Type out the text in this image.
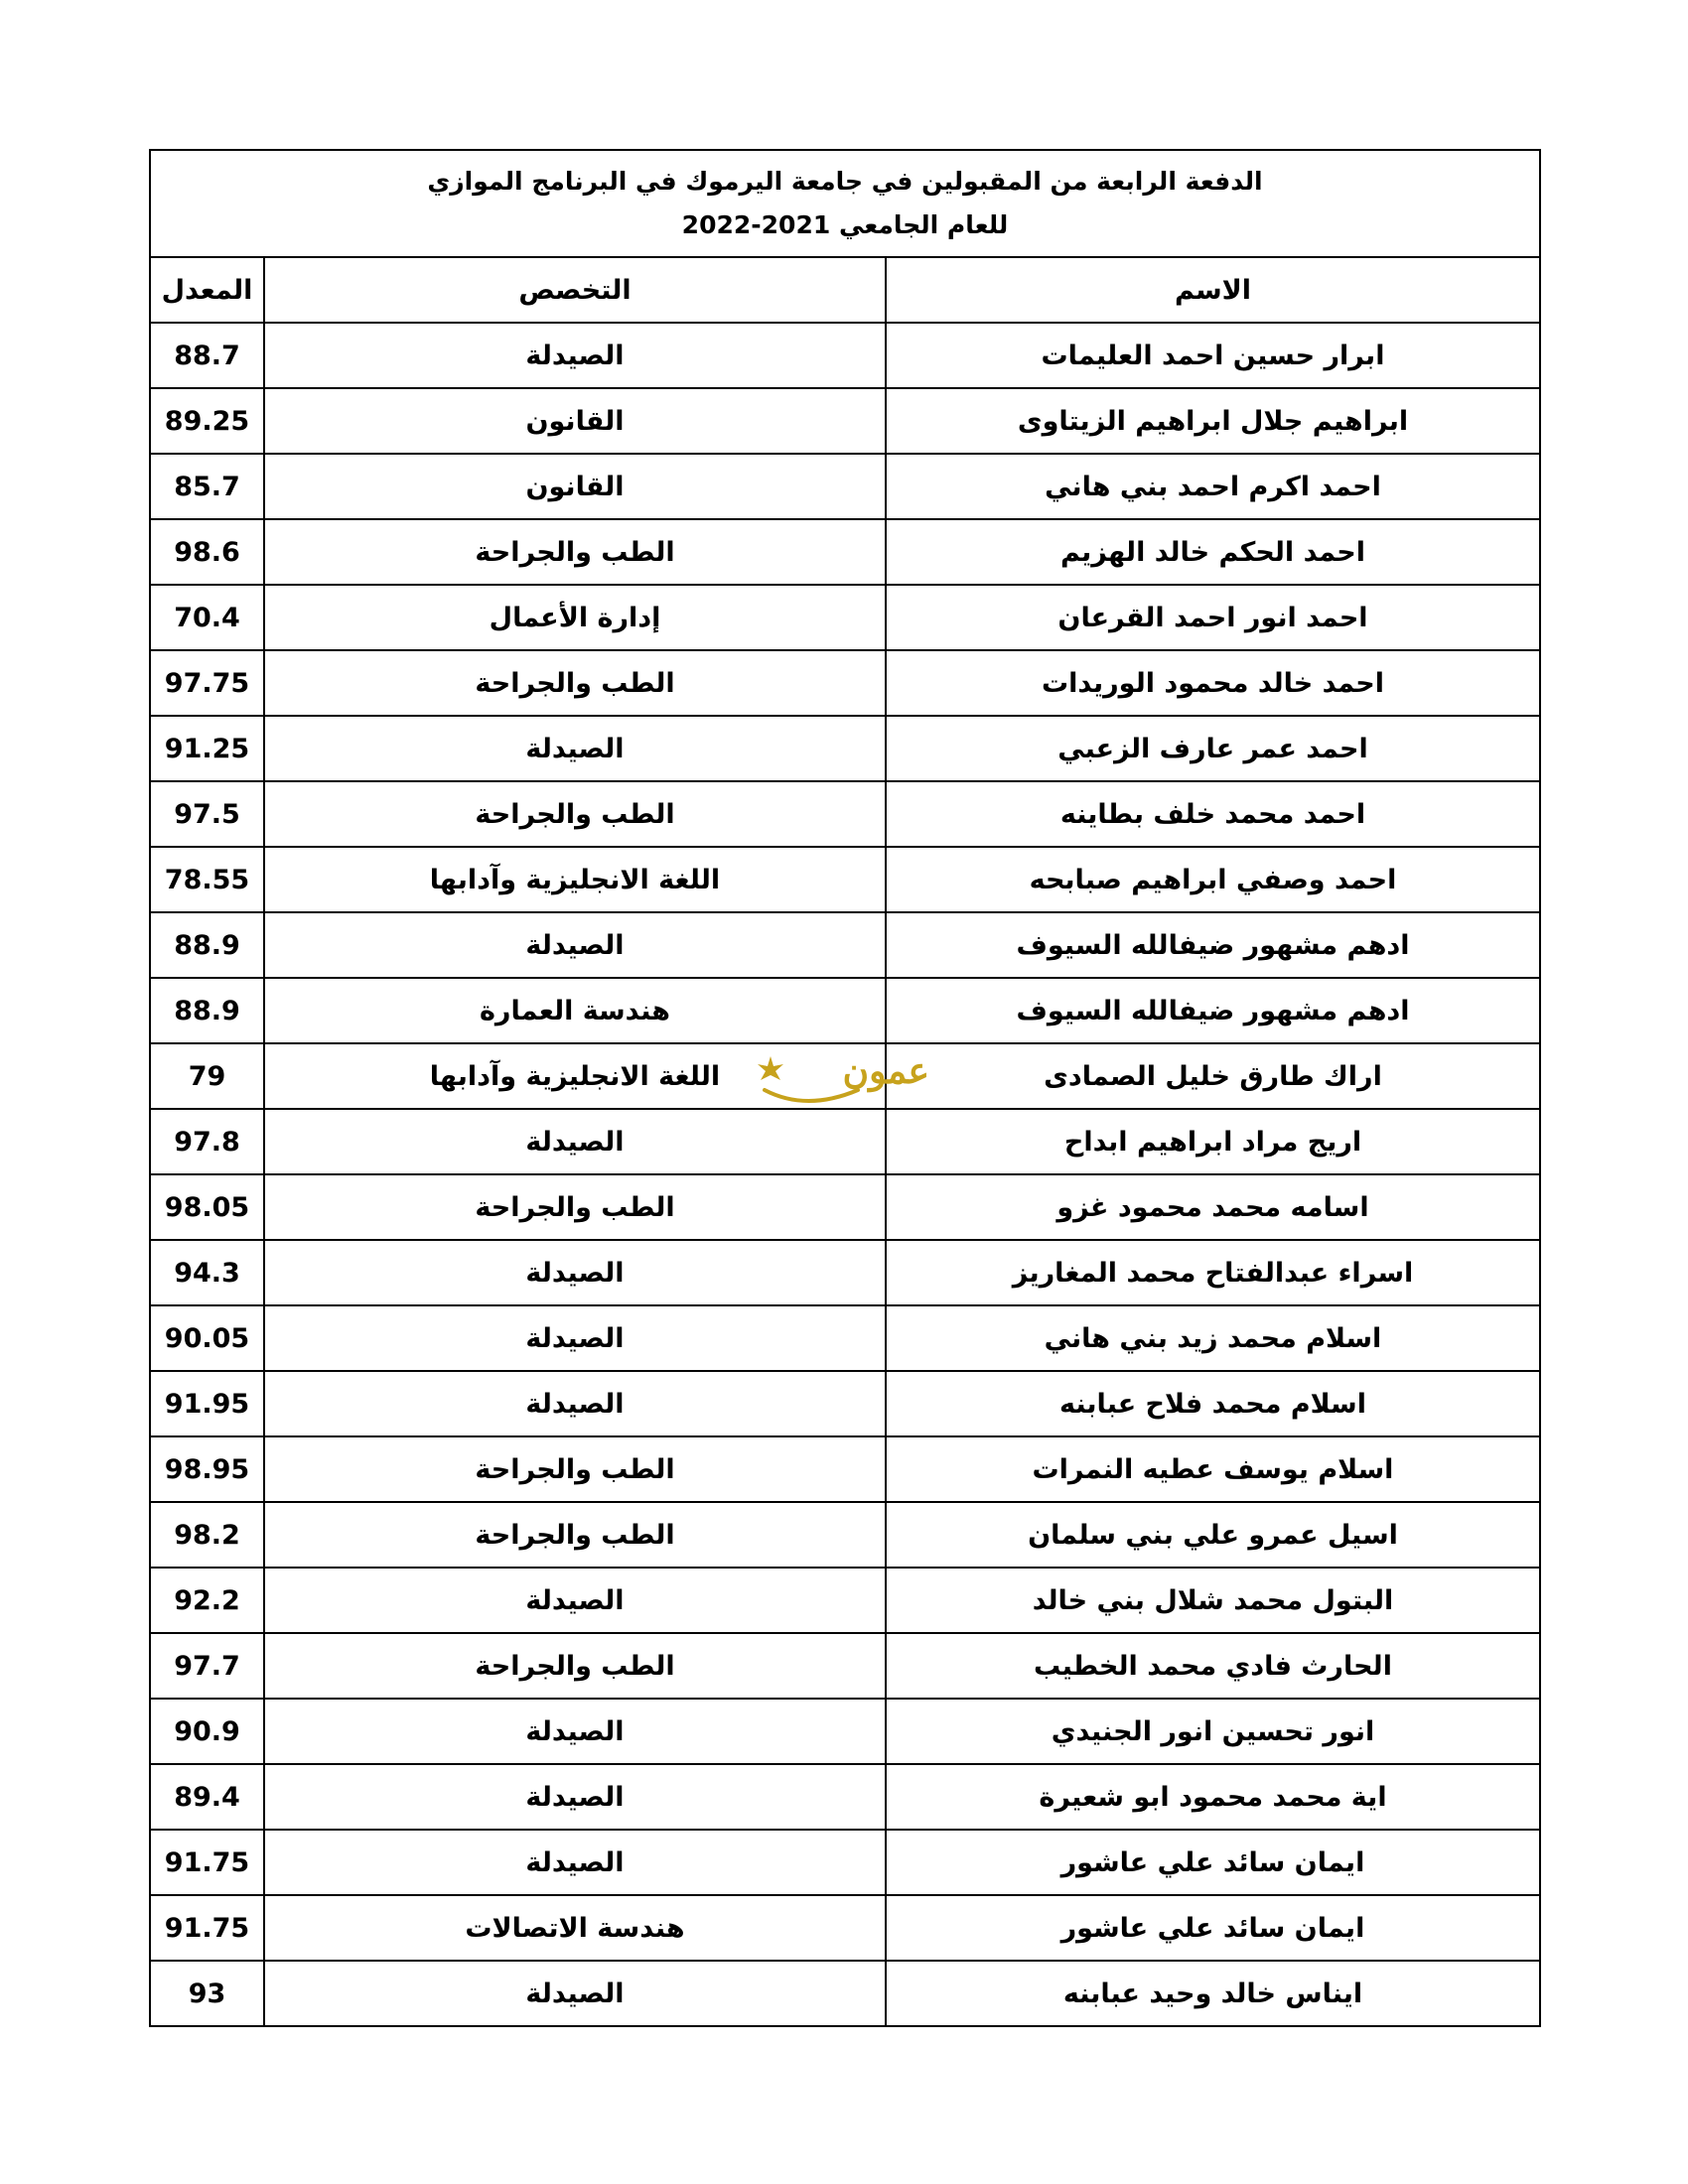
الدفعة الرابعة من المقبولين في جامعة اليرموك في البرنامج الموازي
للعام الجامعي 2021-2022		

الاسم	التخصص	المعدل
ابرار حسين احمد العليمات	الصيدلة	88.7
ابراهيم جلال ابراهيم الزيتاوى	القانون	89.25
احمد اكرم احمد بني هاني	القانون	85.7
احمد الحكم خالد الهزيم	الطب والجراحة	98.6
احمد انور احمد القرعان	إدارة الأعمال	70.4
احمد خالد محمود الوريدات	الطب والجراحة	97.75
احمد عمر عارف الزعبي	الصيدلة	91.25
احمد محمد خلف بطاينه	الطب والجراحة	97.5
احمد وصفي ابراهيم صبابحه	اللغة الانجليزية وآدابها	78.55
ادهم مشهور ضيفالله السيوف	الصيدلة	88.9
ادهم مشهور ضيفالله السيوف	هندسة العمارة	88.9
اراك طارق خليل الصمادى	اللغة الانجليزية وآدابها	79
اريج مراد ابراهيم ابداح	الصيدلة	97.8
اسامه محمد محمود غزو	الطب والجراحة	98.05
اسراء عبدالفتاح محمد المغاريز	الصيدلة	94.3
اسلام محمد زيد بني هاني	الصيدلة	90.05
اسلام محمد فلاح عبابنه	الصيدلة	91.95
اسلام يوسف عطيه النمرات	الطب والجراحة	98.95
اسيل عمرو علي بني سلمان	الطب والجراحة	98.2
البتول محمد شلال بني خالد	الصيدلة	92.2
الحارث فادي محمد الخطيب	الطب والجراحة	97.7
انور تحسين انور الجنيدي	الصيدلة	90.9
اية محمد محمود ابو شعيرة	الصيدلة	89.4
ايمان سائد علي عاشور	الصيدلة	91.75
ايمان سائد علي عاشور	هندسة الاتصالات	91.75
ايناس خالد وحيد عبابنه	الصيدلة	93
عمون
